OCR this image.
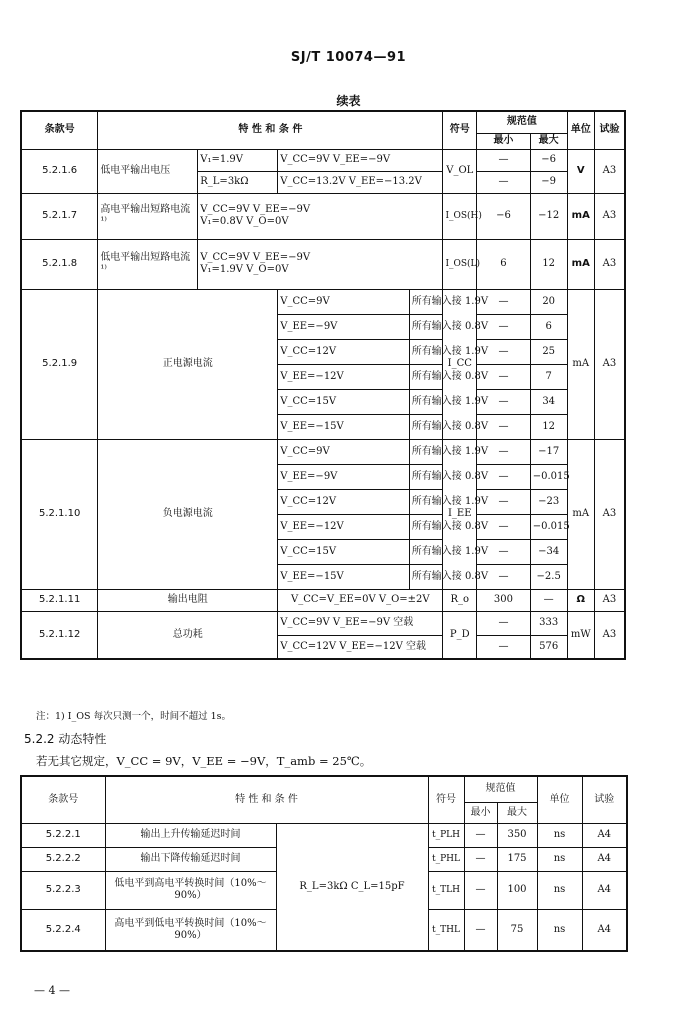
SJ/T 10074—91
续表
条款号	特 性 和 条 件				符号	规范值		单位	试验
						最小	最大		
5.2.1.6	低电平输出电压	V₁=1.9V	V_CC=9V V_EE=−9V		V_OL	—	−6	V	A3
		R_L=3kΩ	V_CC=13.2V V_EE=−13.2V			—	−9		
5.2.1.7	高电平输出短路电流¹⁾	V_CC=9V V_EE=−9V
V₁=0.8V V_O=0V			I_OS(H)	−6	−12	mA	A3
5.2.1.8	低电平输出短路电流¹⁾	V_CC=9V V_EE=−9V
V₁=1.9V V_O=0V			I_OS(L)	6	12	mA	A3
5.2.1.9	正电源电流		V_CC=9V	所有输入接 1.9V	I_CC	—	20	mA	A3
			V_EE=−9V	所有输入接 0.8V		—	6		
			V_CC=12V	所有输入接 1.9V		—	25		
			V_EE=−12V	所有输入接 0.8V		—	7		
			V_CC=15V	所有输入接 1.9V		—	34		
			V_EE=−15V	所有输入接 0.8V		—	12		
5.2.1.10	负电源电流		V_CC=9V	所有输入接 1.9V	I_EE	—	−17	mA	A3
			V_EE=−9V	所有输入接 0.8V		—	−0.015		
			V_CC=12V	所有输入接 1.9V		—	−23		
			V_EE=−12V	所有输入接 0.8V		—	−0.015		
			V_CC=15V	所有输入接 1.9V		—	−34		
			V_EE=−15V	所有输入接 0.8V		—	−2.5		
5.2.1.11	输出电阻		V_CC=V_EE=0V V_O=±2V		R_o	300	—	Ω	A3
5.2.1.12	总功耗		V_CC=9V V_EE=−9V 空载		P_D	—	333	mW	A3
			V_CC=12V V_EE=−12V 空载			—	576		
注：1) I_OS 每次只测一个，时间不超过 1s。
5.2.2 动态特性
若无其它规定，V_CC = 9V，V_EE = −9V，T_amb = 25℃。
条款号	特 性 和 条 件		符号	规范值		单位	试验
				最小	最大		
5.2.2.1	输出上升传输延迟时间	R_L=3kΩ C_L=15pF	t_PLH	—	350	ns	A4
5.2.2.2	输出下降传输延迟时间		t_PHL	—	175	ns	A4
5.2.2.3	低电平到高电平转换时间（10%～90%）		t_TLH	—	100	ns	A4
5.2.2.4	高电平到低电平转换时间（10%～90%）		t_THL	—	75	ns	A4
— 4 —
